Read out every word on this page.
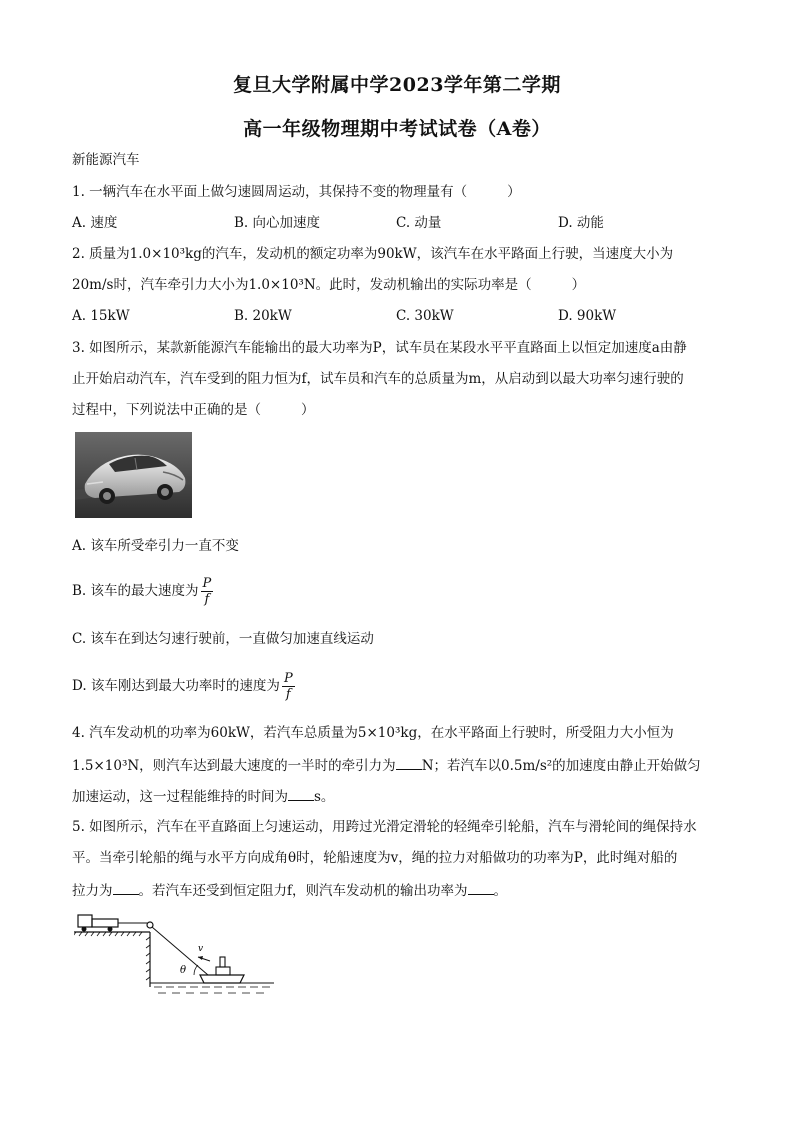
复旦大学附属中学2023学年第二学期
高一年级物理期中考试试卷（A卷）
新能源汽车
1. 一辆汽车在水平面上做匀速圆周运动，其保持不变的物理量有（	）
A. 速度	B. 向心加速度	C. 动量	D. 动能
2. 质量为1.0×10³kg的汽车，发动机的额定功率为90kW，该汽车在水平路面上行驶，当速度大小为
20m/s时，汽车牵引力大小为1.0×10³N。此时，发动机输出的实际功率是（	）
A. 15kW	B. 20kW	C. 30kW	D. 90kW
3. 如图所示，某款新能源汽车能输出的最大功率为P，试车员在某段水平平直路面上以恒定加速度a由静
止开始启动汽车，汽车受到的阻力恒为f，试车员和汽车的总质量为m，从启动到以最大功率匀速行驶的
过程中，下列说法中正确的是（	）
A. 该车所受牵引力一直不变
B. 该车的最大速度为 $\frac{P}{f}$
C. 该车在到达匀速行驶前，一直做匀加速直线运动
D. 该车刚达到最大功率时的速度为 $\frac{P}{f}$
4. 汽车发动机的功率为60kW，若汽车总质量为5×10³kg，在水平路面上行驶时，所受阻力大小恒为
1.5×10³N，则汽车达到最大速度的一半时的牵引力为 N；若汽车以0.5m/s²的加速度由静止开始做匀
加速运动，这一过程能维持的时间为 s。
5. 如图所示，汽车在平直路面上匀速运动，用跨过光滑定滑轮的轻绳牵引轮船，汽车与滑轮间的绳保持水
平。当牵引轮船的绳与水平方向成角θ时，轮船速度为v，绳的拉力对船做功的功率为P，此时绳对船的
拉力为 。若汽车还受到恒定阻力f，则汽车发动机的输出功率为 。
v
θ
